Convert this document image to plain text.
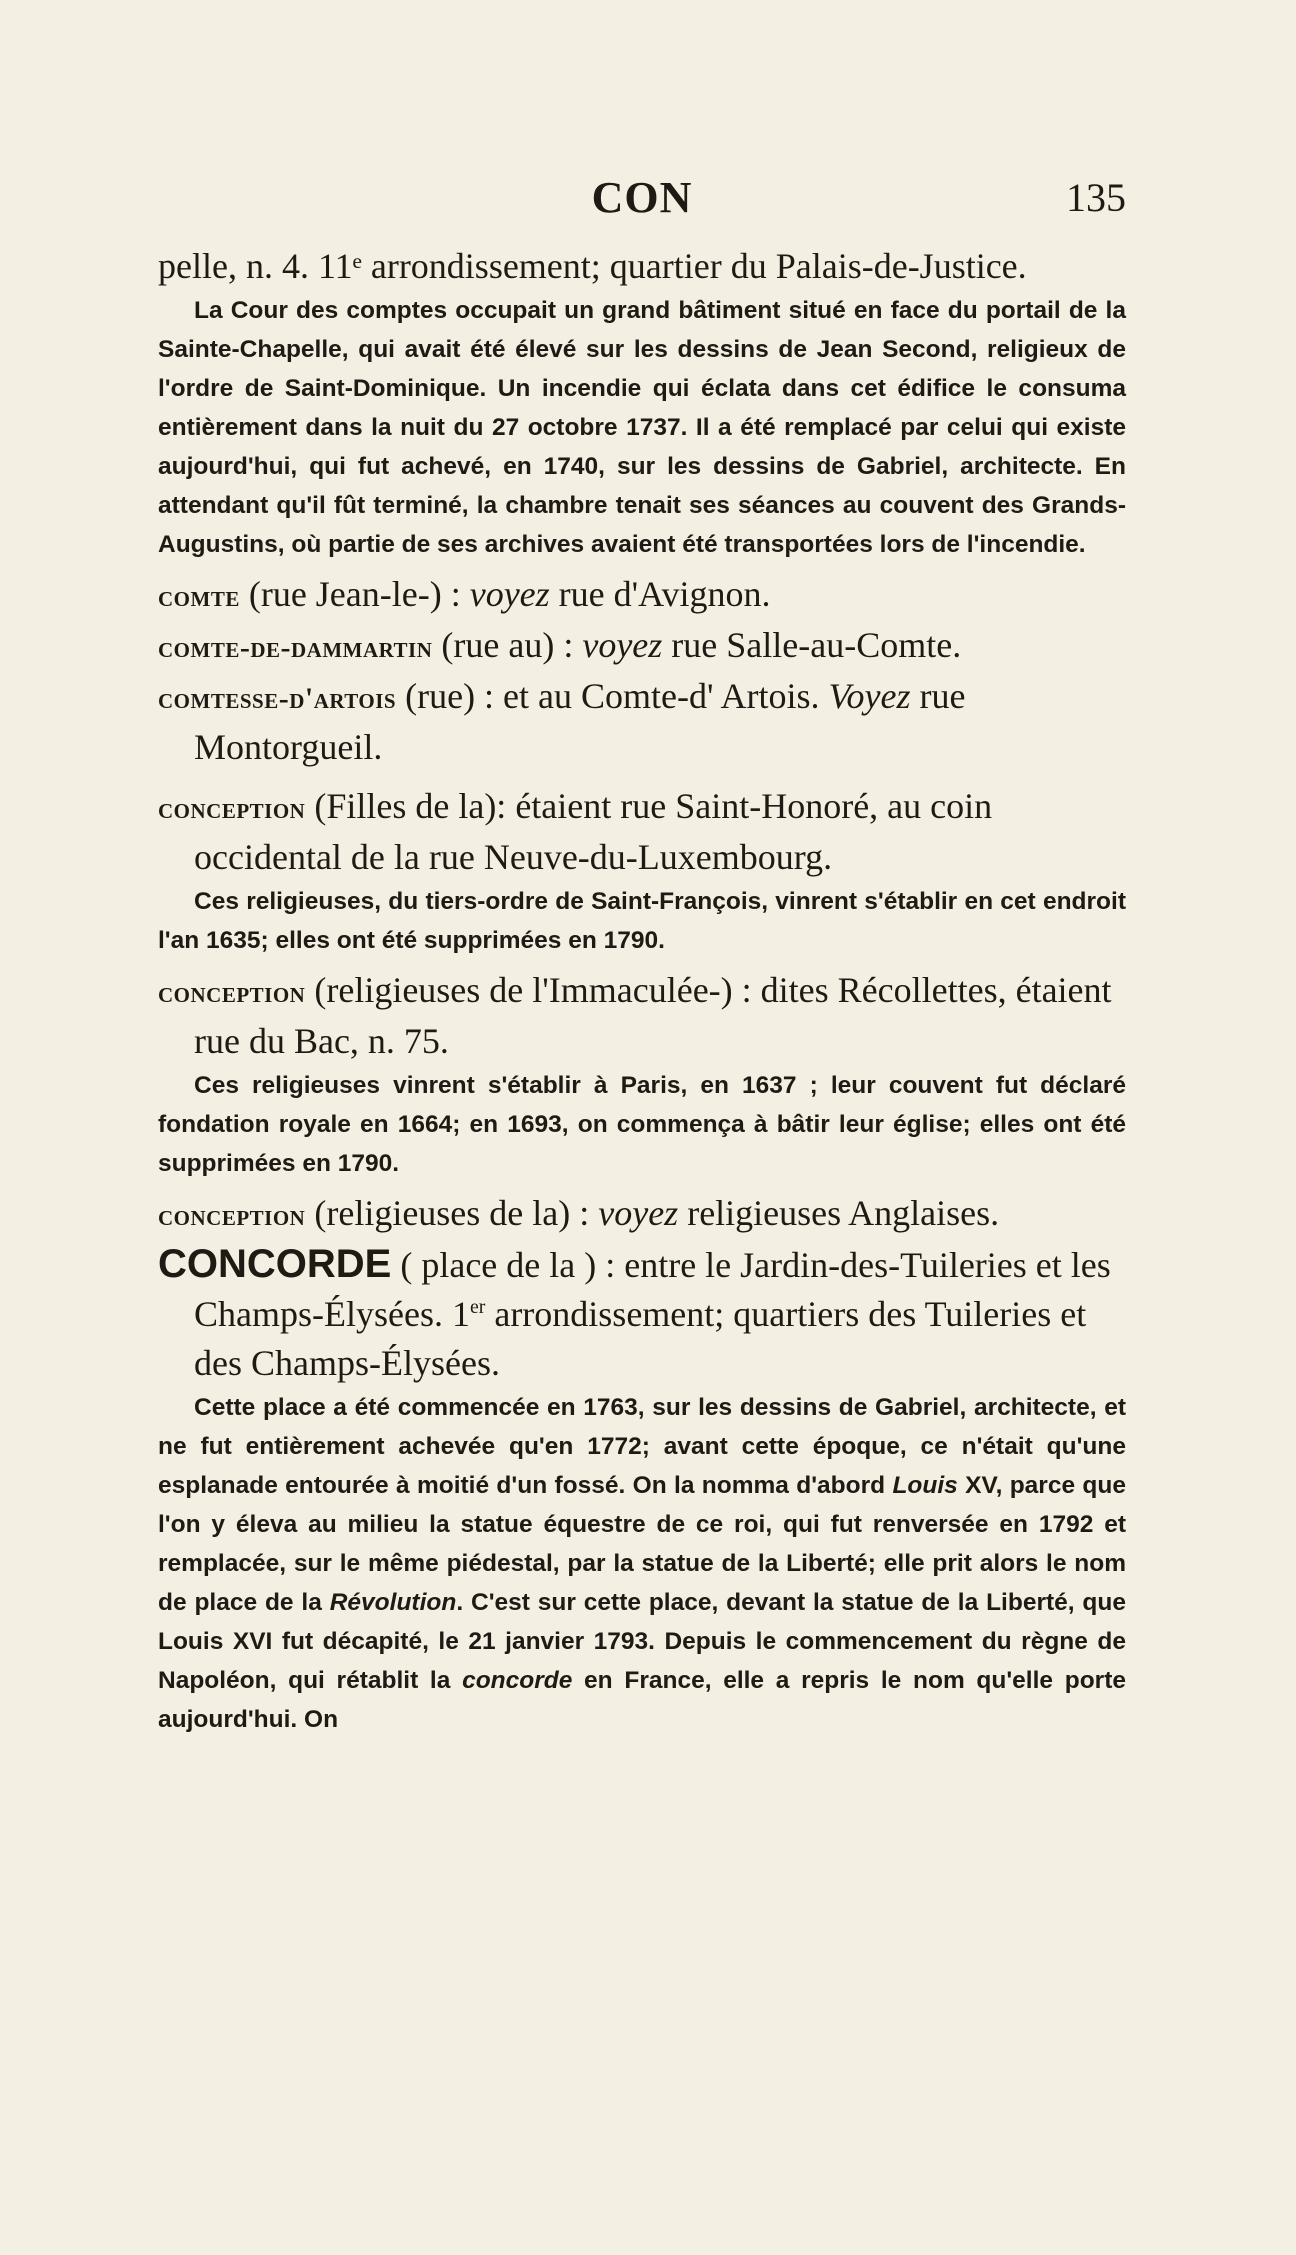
CON	135

pelle, n. 4. 11ᵉ arrondissement; quartier du Palais-de-Justice.

La Cour des comptes occupait un grand bâtiment situé en face du portail de la Sainte-Chapelle, qui avait été élevé sur les dessins de Jean Second, religieux de l'ordre de Saint-Dominique. Un incendie qui éclata dans cet édifice le consuma entièrement dans la nuit du 27 octobre 1737. Il a été remplacé par celui qui existe aujourd'hui, qui fut achevé, en 1740, sur les dessins de Gabriel, architecte. En attendant qu'il fût terminé, la chambre tenait ses séances au couvent des Grands-Augustins, où partie de ses archives avaient été transportées lors de l'incendie.

comte (rue Jean-le-) : voyez rue d'Avignon.

comte-de-dammartin (rue au) : voyez rue Salle-au-Comte.

comtesse-d'artois (rue) : et au Comte-d' Artois. Voyez rue Montorgueil.

conception (Filles de la): étaient rue Saint-Honoré, au coin occidental de la rue Neuve-du-Luxembourg.

Ces religieuses, du tiers-ordre de Saint-François, vinrent s'établir en cet endroit l'an 1635; elles ont été supprimées en 1790.

conception (religieuses de l'Immaculée-) : dites Récollettes, étaient rue du Bac, n. 75.

Ces religieuses vinrent s'établir à Paris, en 1637 ; leur couvent fut déclaré fondation royale en 1664; en 1693, on commença à bâtir leur église; elles ont été supprimées en 1790.

conception (religieuses de la) : voyez religieuses Anglaises.

CONCORDE ( place de la ) : entre le Jardin-des-Tuileries et les Champs-Élysées. 1er arrondissement; quartiers des Tuileries et des Champs-Élysées.

Cette place a été commencée en 1763, sur les dessins de Gabriel, architecte, et ne fut entièrement achevée qu'en 1772; avant cette époque, ce n'était qu'une esplanade entourée à moitié d'un fossé. On la nomma d'abord Louis XV, parce que l'on y éleva au milieu la statue équestre de ce roi, qui fut renversée en 1792 et remplacée, sur le même piédestal, par la statue de la Liberté; elle prit alors le nom de place de la Révolution. C'est sur cette place, devant la statue de la Liberté, que Louis XVI fut décapité, le 21 janvier 1793. Depuis le commencement du règne de Napoléon, qui rétablit la concorde en France, elle a repris le nom qu'elle porte aujourd'hui. On
